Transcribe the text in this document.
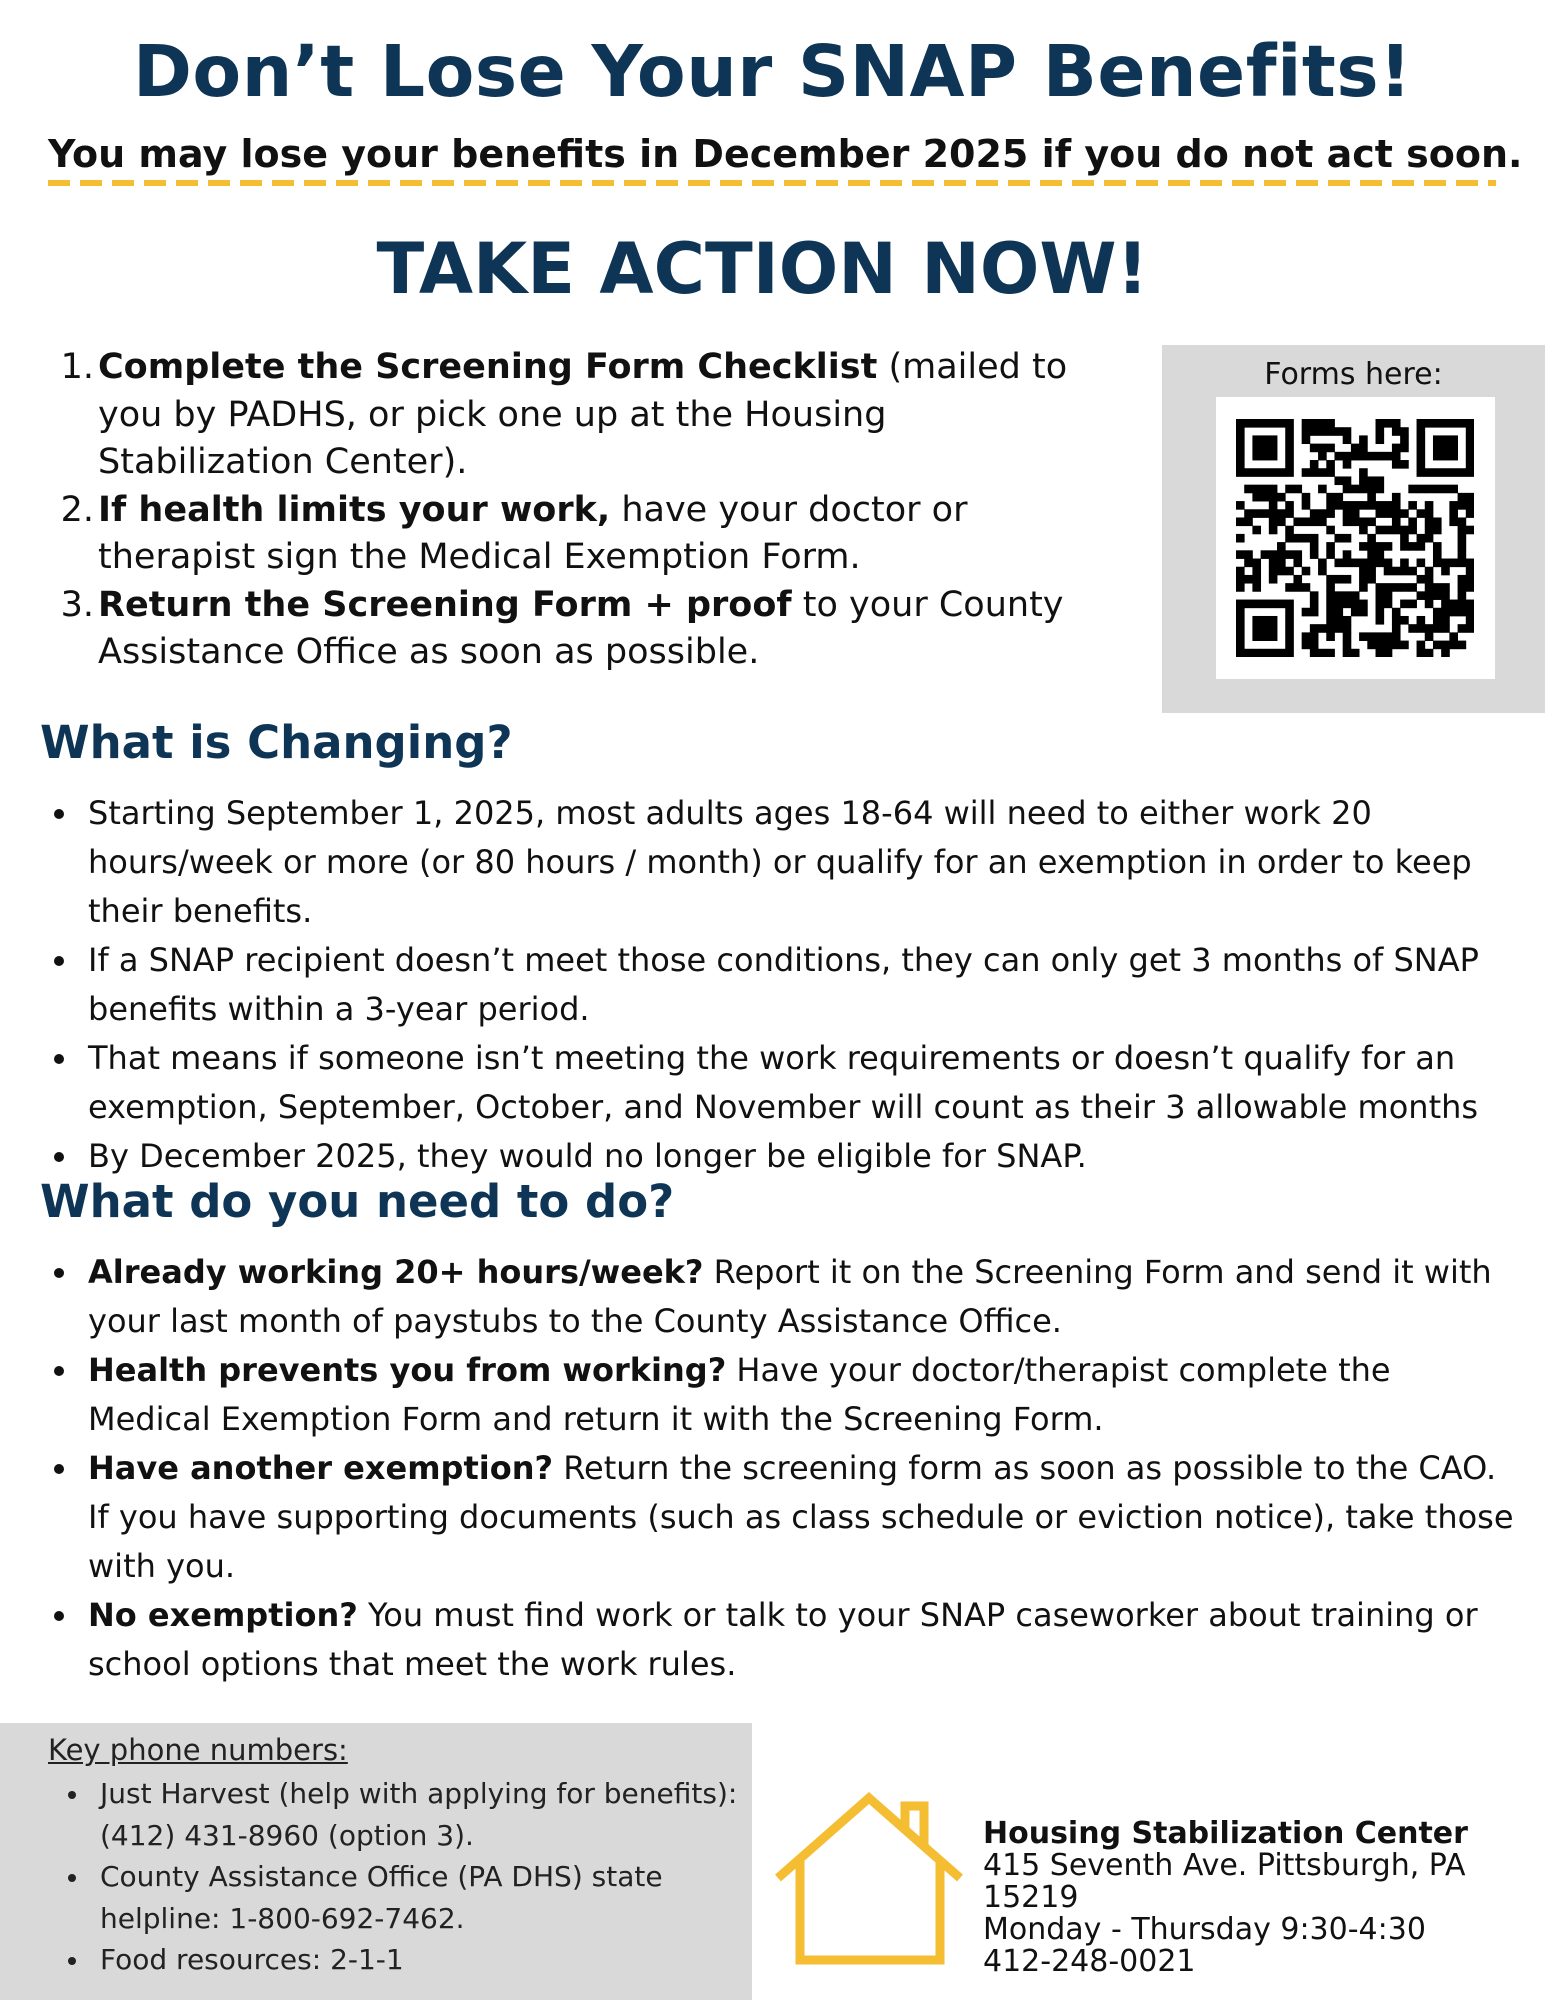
Don’t Lose Your SNAP Benefits!
You may lose your benefits in December 2025 if you do not act soon.
TAKE ACTION NOW!
1. Complete the Screening Form Checklist (mailed to you by PADHS, or pick one up at the Housing Stabilization Center).
2. If health limits your work, have your doctor or therapist sign the Medical Exemption Form.
3. Return the Screening Form + proof to your County Assistance Office as soon as possible.
Forms here:
What is Changing?
Starting September 1, 2025, most adults ages 18-64 will need to either work 20 hours/week or more (or 80 hours / month) or qualify for an exemption in order to keep their benefits.
If a SNAP recipient doesn’t meet those conditions, they can only get 3 months of SNAP benefits within a 3-year period.
That means if someone isn’t meeting the work requirements or doesn’t qualify for an exemption, September, October, and November will count as their 3 allowable months
By December 2025, they would no longer be eligible for SNAP.
What do you need to do?
Already working 20+ hours/week? Report it on the Screening Form and send it with your last month of paystubs to the County Assistance Office.
Health prevents you from working? Have your doctor/therapist complete the Medical Exemption Form and return it with the Screening Form.
Have another exemption? Return the screening form as soon as possible to the CAO. If you have supporting documents (such as class schedule or eviction notice), take those with you.
No exemption? You must find work or talk to your SNAP caseworker about training or school options that meet the work rules.
Key phone numbers:
Just Harvest (help with applying for benefits): (412) 431-8960 (option 3).
County Assistance Office (PA DHS) state helpline: 1-800-692-7462.
Food resources: 2-1-1
Housing Stabilization Center
415 Seventh Ave. Pittsburgh, PA 15219
Monday - Thursday 9:30-4:30
412-248-0021
